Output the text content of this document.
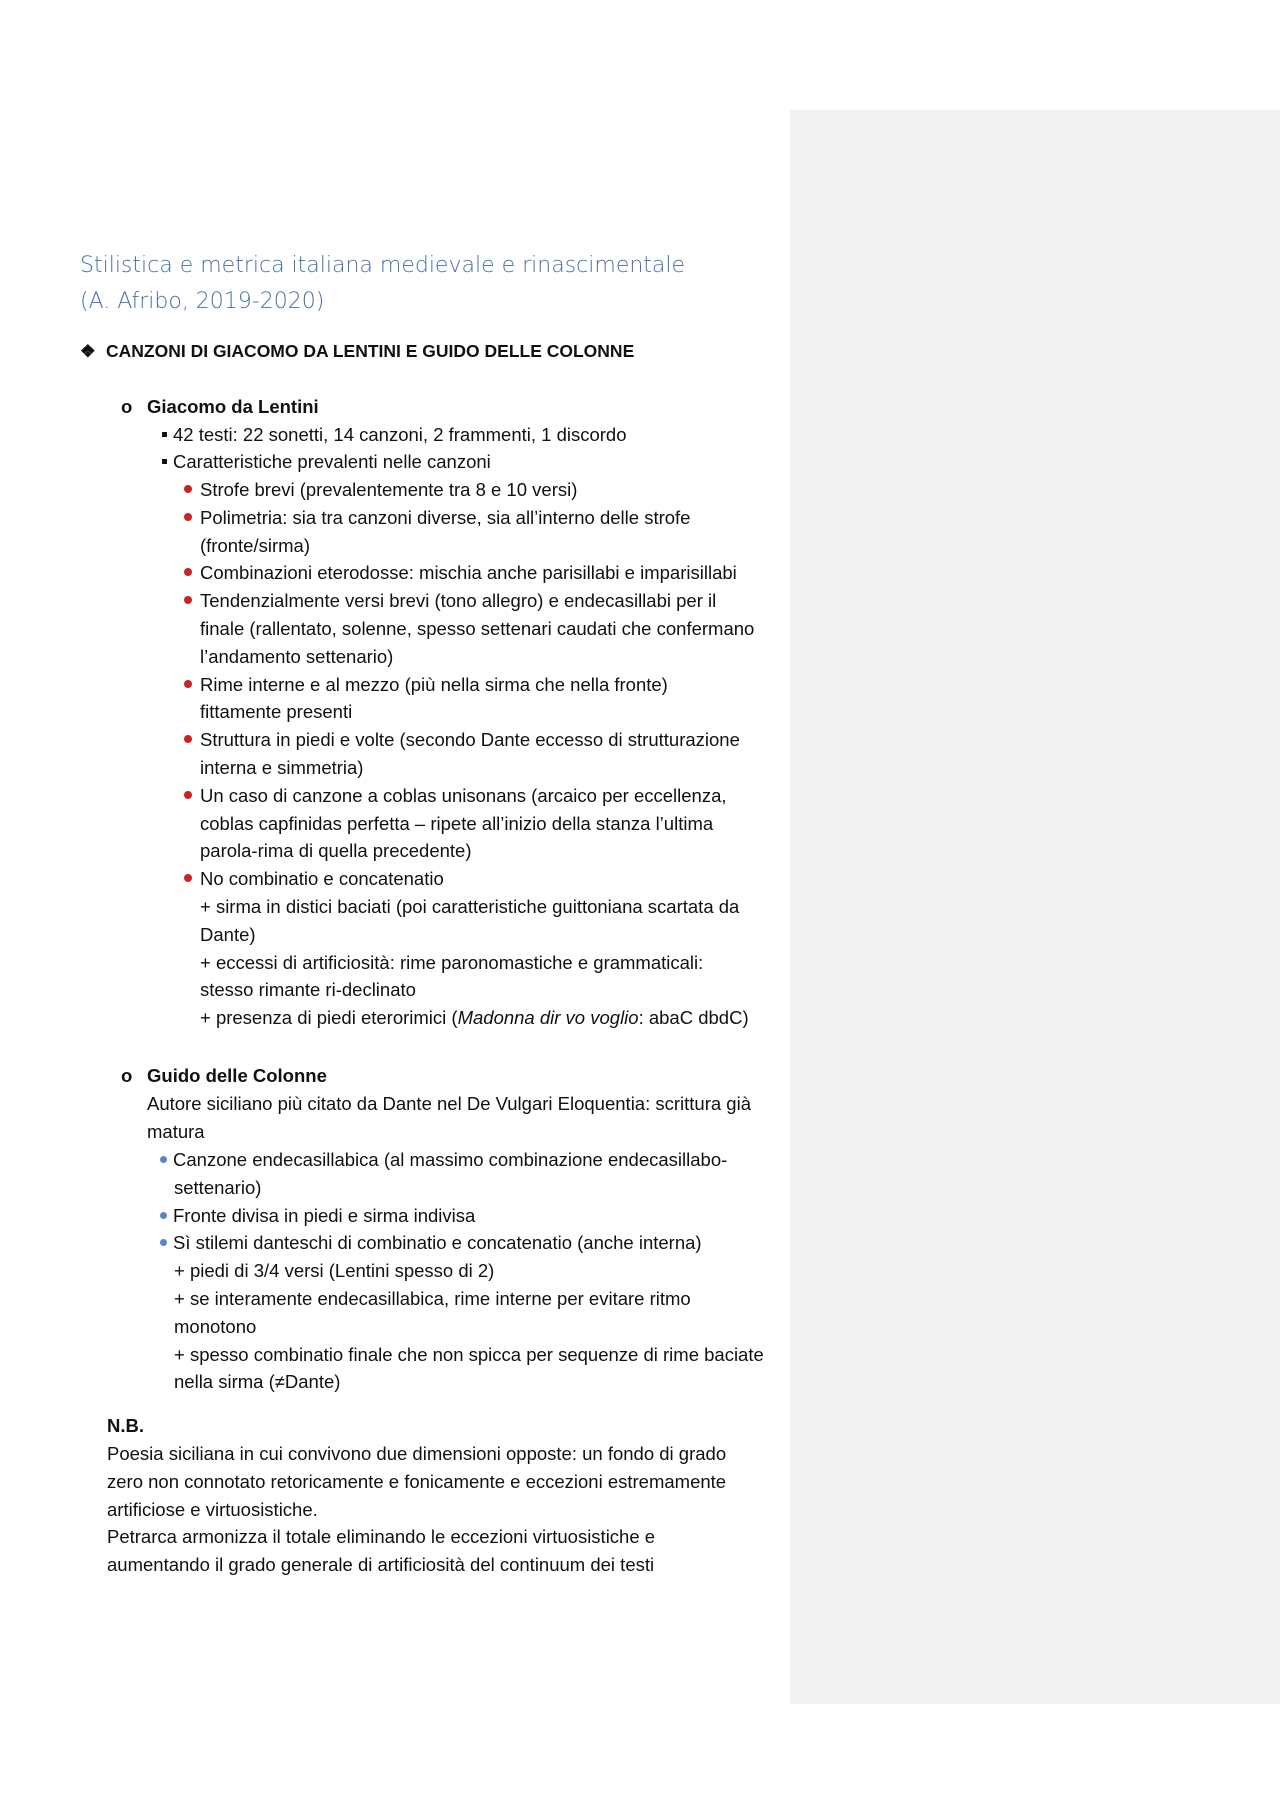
Stilistica e metrica italiana medievale e rinascimentale
(A. Afribo, 2019-2020)
❖ CANZONI DI GIACOMO DA LENTINI E GUIDO DELLE COLONNE
o Giacomo da Lentini
42 testi: 22 sonetti, 14 canzoni, 2 frammenti, 1 discordo
Caratteristiche prevalenti nelle canzoni
Strofe brevi (prevalentemente tra 8 e 10 versi)
Polimetria: sia tra canzoni diverse, sia all’interno delle strofe
(fronte/sirma)
Combinazioni eterodosse: mischia anche parisillabi e imparisillabi
Tendenzialmente versi brevi (tono allegro) e endecasillabi per il
finale (rallentato, solenne, spesso settenari caudati che confermano
l’andamento settenario)
Rime interne e al mezzo (più nella sirma che nella fronte)
fittamente presenti
Struttura in piedi e volte (secondo Dante eccesso di strutturazione
interna e simmetria)
Un caso di canzone a coblas unisonans (arcaico per eccellenza,
coblas capfinidas perfetta – ripete all’inizio della stanza l’ultima
parola-rima di quella precedente)
No combinatio e concatenatio
+ sirma in distici baciati (poi caratteristiche guittoniana scartata da
Dante)
+ eccessi di artificiosità: rime paronomastiche e grammaticali:
stesso rimante ri-declinato
+ presenza di piedi eterorimici (Madonna dir vo voglio: abaC dbdC)
o Guido delle Colonne
Autore siciliano più citato da Dante nel De Vulgari Eloquentia: scrittura già
matura
Canzone endecasillabica (al massimo combinazione endecasillabo-
settenario)
Fronte divisa in piedi e sirma indivisa
Sì stilemi danteschi di combinatio e concatenatio (anche interna)
+ piedi di 3/4 versi (Lentini spesso di 2)
+ se interamente endecasillabica, rime interne per evitare ritmo
monotono
+ spesso combinatio finale che non spicca per sequenze di rime baciate
nella sirma (≠Dante)
N.B.
Poesia siciliana in cui convivono due dimensioni opposte: un fondo di grado
zero non connotato retoricamente e fonicamente e eccezioni estremamente
artificiose e virtuosistiche.
Petrarca armonizza il totale eliminando le eccezioni virtuosistiche e
aumentando il grado generale di artificiosità del continuum dei testi
